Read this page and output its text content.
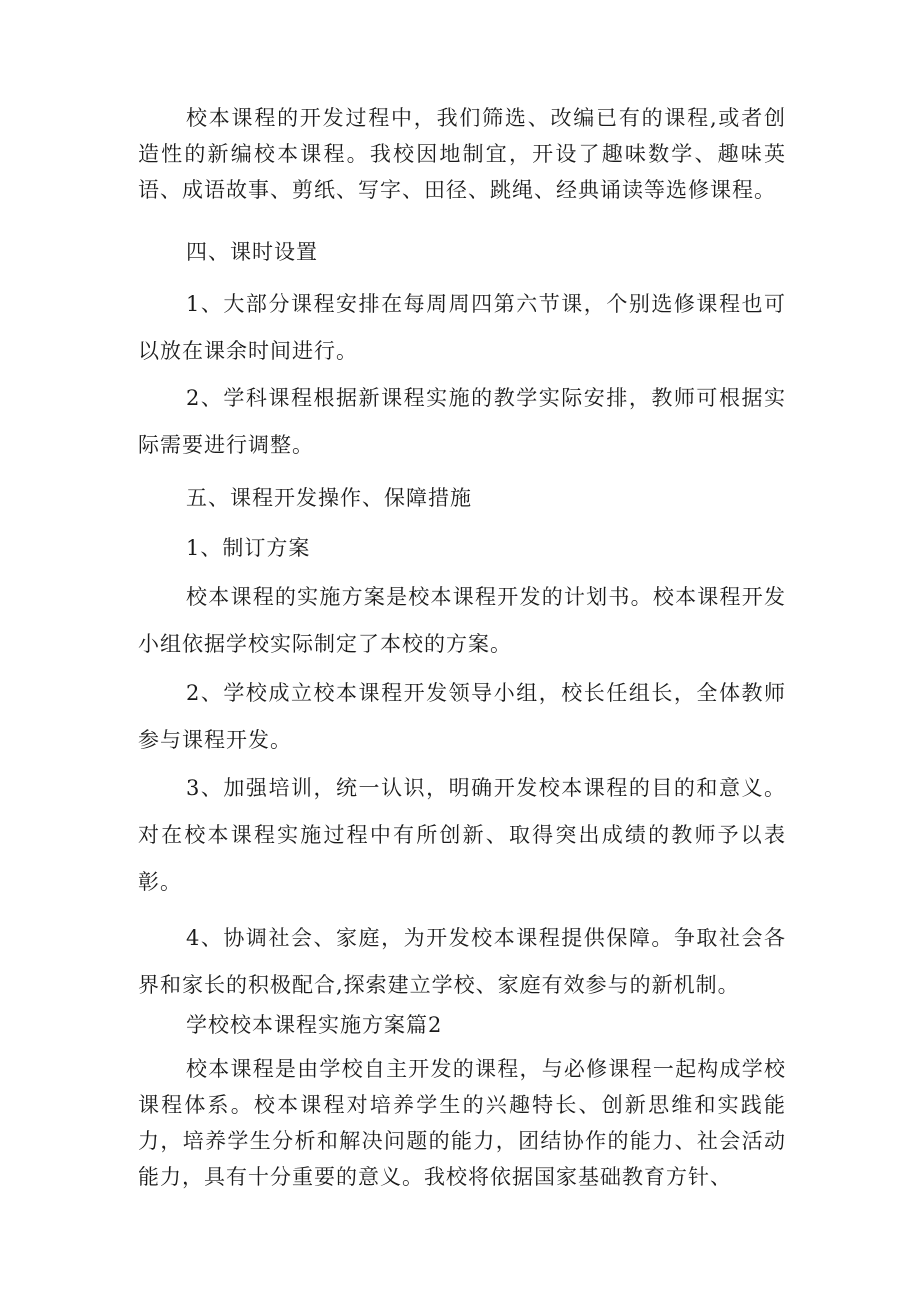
校本课程的开发过程中，我们筛选、改编已有的课程,或者创造性的新编校本课程。我校因地制宜，开设了趣味数学、趣味英语、成语故事、剪纸、写字、田径、跳绳、经典诵读等选修课程。

四、课时设置

1、大部分课程安排在每周周四第六节课，个别选修课程也可以放在课余时间进行。

2、学科课程根据新课程实施的教学实际安排，教师可根据实际需要进行调整。

五、课程开发操作、保障措施

1、制订方案

校本课程的实施方案是校本课程开发的计划书。校本课程开发小组依据学校实际制定了本校的方案。

2、学校成立校本课程开发领导小组，校长任组长，全体教师参与课程开发。

3、加强培训，统一认识，明确开发校本课程的目的和意义。对在校本课程实施过程中有所创新、取得突出成绩的教师予以表彰。

4、协调社会、家庭，为开发校本课程提供保障。争取社会各界和家长的积极配合,探索建立学校、家庭有效参与的新机制。

学校校本课程实施方案篇2

校本课程是由学校自主开发的课程，与必修课程一起构成学校课程体系。校本课程对培养学生的兴趣特长、创新思维和实践能力，培养学生分析和解决问题的能力，团结协作的能力、社会活动能力，具有十分重要的意义。我校将依据国家基础教育方针、
